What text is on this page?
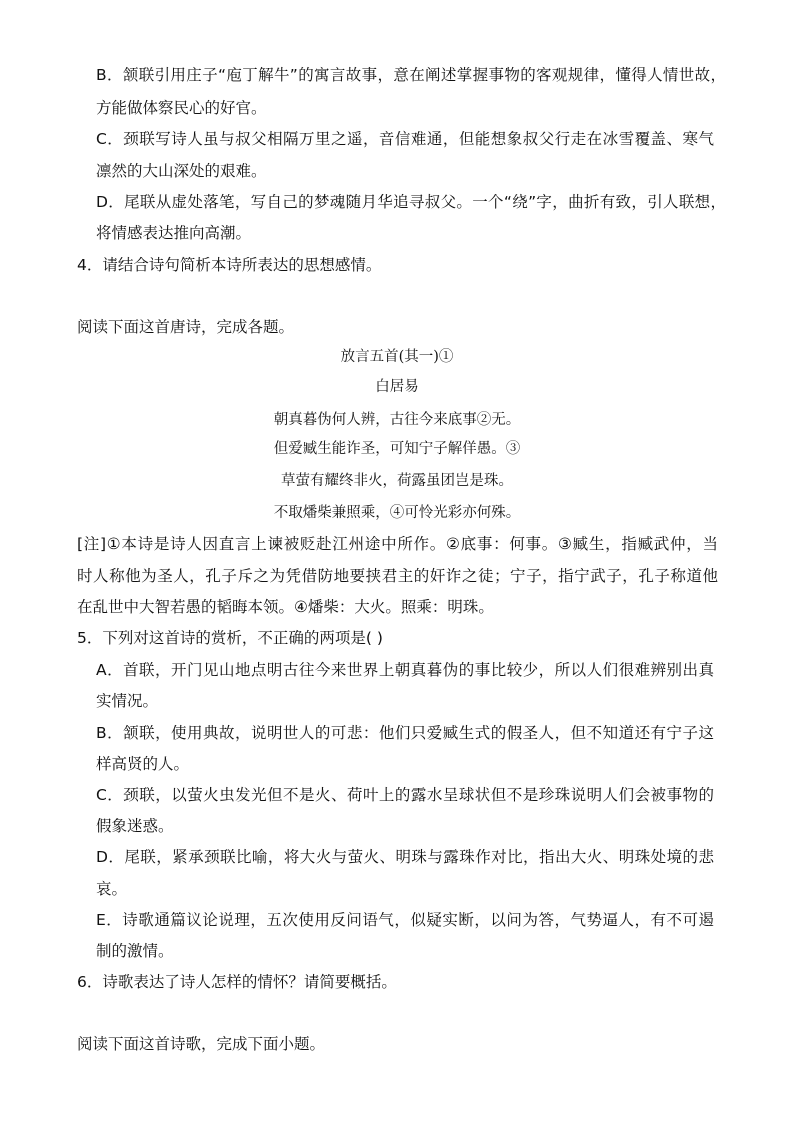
B．颔联引用庄子“庖丁解牛”的寓言故事，意在阐述掌握事物的客观规律，懂得人情世故，

方能做体察民心的好官。

C．颈联写诗人虽与叔父相隔万里之遥，音信难通，但能想象叔父行走在冰雪覆盖、寒气

凛然的大山深处的艰难。

D．尾联从虚处落笔，写自己的梦魂随月华追寻叔父。一个“绕”字，曲折有致，引人联想，

将情感表达推向高潮。

4．请结合诗句简析本诗所表达的思想感情。

阅读下面这首唐诗，完成各题。

放言五首(其一)①

白居易

朝真暮伪何人辨，古往今来底事②无。

但爱臧生能诈圣，可知宁子解佯愚。③

草萤有耀终非火，荷露虽团岂是珠。

不取燔柴兼照乘，④可怜光彩亦何殊。

[注]①本诗是诗人因直言上谏被贬赴江州途中所作。②底事：何事。③臧生，指臧武仲，当

时人称他为圣人，孔子斥之为凭借防地要挟君主的奸诈之徒；宁子，指宁武子，孔子称道他

在乱世中大智若愚的韬晦本领。④燔柴：大火。照乘：明珠。

5．下列对这首诗的赏析，不正确的两项是( )

A．首联，开门见山地点明古往今来世界上朝真暮伪的事比较少，所以人们很难辨别出真

实情况。

B．颔联，使用典故，说明世人的可悲：他们只爱臧生式的假圣人，但不知道还有宁子这

样高贤的人。

C．颈联，以萤火虫发光但不是火、荷叶上的露水呈球状但不是珍珠说明人们会被事物的

假象迷惑。

D．尾联，紧承颈联比喻，将大火与萤火、明珠与露珠作对比，指出大火、明珠处境的悲

哀。

E．诗歌通篇议论说理，五次使用反问语气，似疑实断，以问为答，气势逼人，有不可遏

制的激情。

6．诗歌表达了诗人怎样的情怀？请简要概括。

阅读下面这首诗歌，完成下面小题。
